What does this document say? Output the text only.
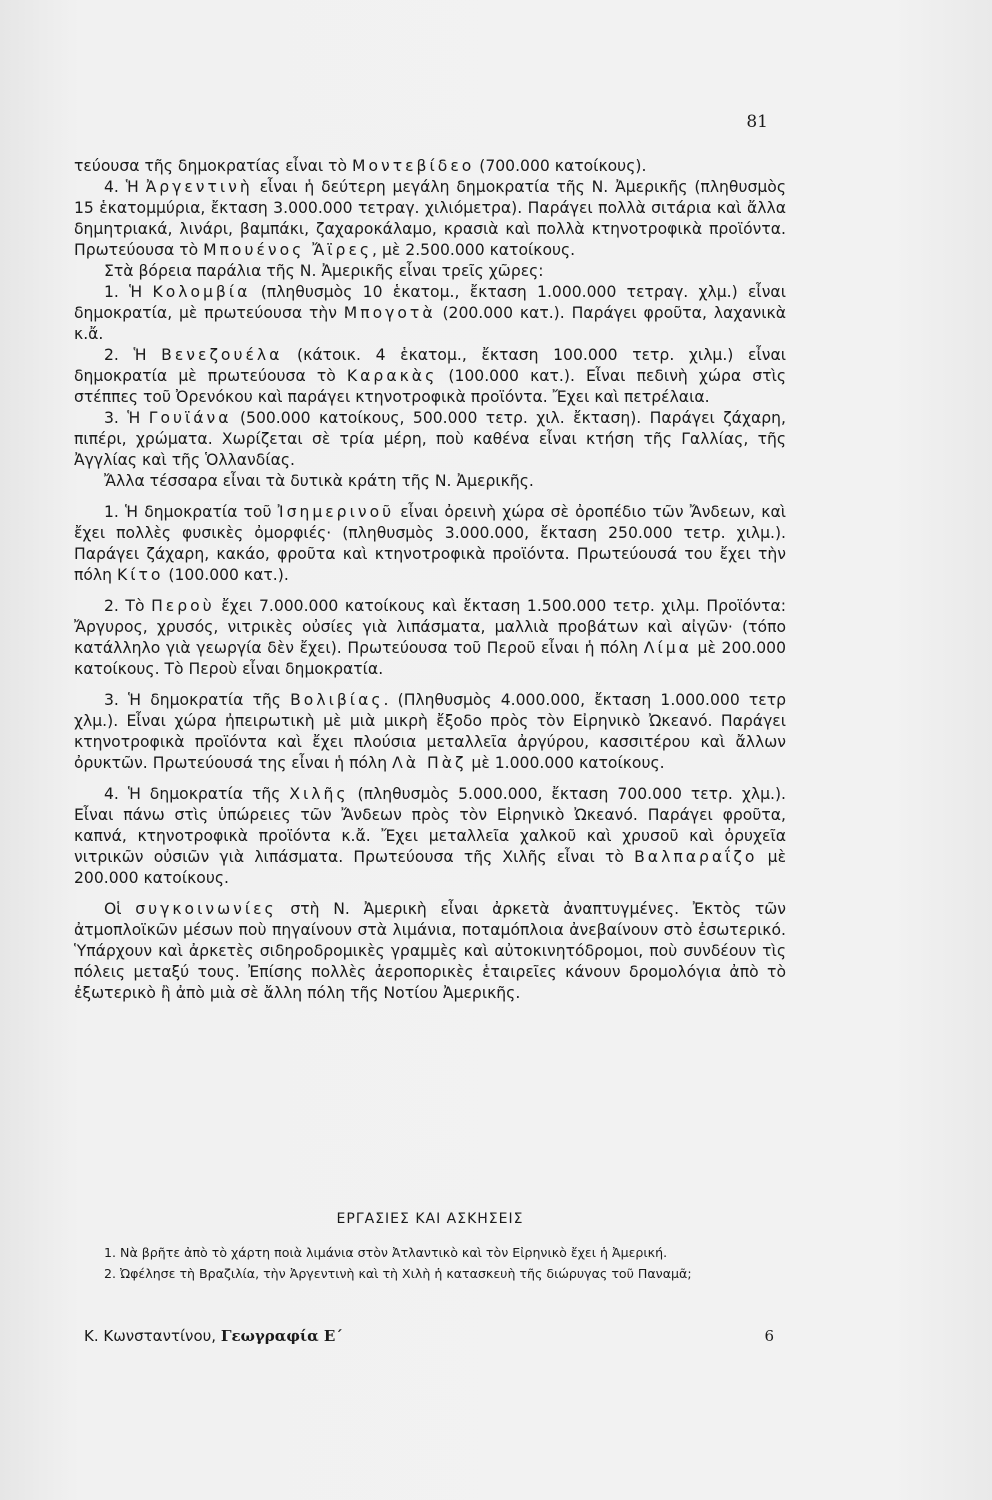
81

τεύουσα τῆς δημοκρατίας εἶναι τὸ Μοντεβίδεο (700.000 κατοίκους).

4. Ἡ Ἀργεντινὴ εἶναι ἡ δεύτερη μεγάλη δημοκρατία τῆς Ν. Ἀμερικῆς (πληθυσμὸς 15 ἑκατομμύρια, ἔκταση 3.000.000 τετραγ. χιλιόμετρα). Παράγει πολλὰ σιτάρια καὶ ἄλλα δημητριακά, λινάρι, βαμπάκι, ζαχαροκάλαμο, κρασιὰ καὶ πολλὰ κτηνοτροφικὰ προϊόντα. Πρωτεύουσα τὸ Μπουένος Ἄϊρες, μὲ 2.500.000 κατοίκους.

Στὰ βόρεια παράλια τῆς Ν. Ἀμερικῆς εἶναι τρεῖς χῶρες:

1. Ἡ Κολομβία (πληθυσμὸς 10 ἑκατομ., ἔκταση 1.000.000 τετραγ. χλμ.) εἶναι δημοκρατία, μὲ πρωτεύουσα τὴν Μπογοτὰ (200.000 κατ.). Παράγει φροῦτα, λαχανικὰ κ.ἄ.

2. Ἡ Βενεζουέλα (κάτοικ. 4 ἑκατομ., ἔκταση 100.000 τετρ. χιλμ.) εἶναι δημοκρατία μὲ πρωτεύουσα τὸ Καρακὰς (100.000 κατ.). Εἶναι πεδινὴ χώρα στὶς στέππες τοῦ Ὀρενόκου καὶ παράγει κτηνοτροφικὰ προϊόντα. Ἔχει καὶ πετρέλαια.

3. Ἡ Γουϊάνα (500.000 κατοίκους, 500.000 τετρ. χιλ. ἔκταση). Παράγει ζάχαρη, πιπέρι, χρώματα. Χωρίζεται σὲ τρία μέρη, ποὺ καθένα εἶναι κτήση τῆς Γαλλίας, τῆς Ἀγγλίας καὶ τῆς Ὁλλανδίας.

Ἄλλα τέσσαρα εἶναι τὰ δυτικὰ κράτη τῆς Ν. Ἀμερικῆς.

1. Ἡ δημοκρατία τοῦ Ἰσημερινοῦ εἶναι ὀρεινὴ χώρα σὲ ὀροπέδιο τῶν Ἄνδεων, καὶ ἔχει πολλὲς φυσικὲς ὀμορφιές· (πληθυσμὸς 3.000.000, ἔκταση 250.000 τετρ. χιλμ.). Παράγει ζάχαρη, κακάο, φροῦτα καὶ κτηνοτροφικὰ προϊόντα. Πρωτεύουσά του ἔχει τὴν πόλη Κίτο (100.000 κατ.).

2. Τὸ Περοὺ ἔχει 7.000.000 κατοίκους καὶ ἔκταση 1.500.000 τετρ. χιλμ. Προϊόντα: Ἄργυρος, χρυσός, νιτρικὲς οὐσίες γιὰ λιπάσματα, μαλλιὰ προβάτων καὶ αἰγῶν· (τόπο κατάλληλο γιὰ γεωργία δὲν ἔχει). Πρωτεύουσα τοῦ Περοῦ εἶναι ἡ πόλη Λίμα μὲ 200.000 κατοίκους. Τὸ Περοὺ εἶναι δημοκρατία.

3. Ἡ δημοκρατία τῆς Βολιβίας. (Πληθυσμὸς 4.000.000, ἔκταση 1.000.000 τετρ χλμ.). Εἶναι χώρα ἠπειρωτικὴ μὲ μιὰ μικρὴ ἔξοδο πρὸς τὸν Εἰρηνικὸ Ὠκεανό. Παράγει κτηνοτροφικὰ προϊόντα καὶ ἔχει πλούσια μεταλλεῖα ἀργύρου, κασσιτέρου καὶ ἄλλων ὀρυκτῶν. Πρωτεύουσά της εἶναι ἡ πόλη Λὰ Πὰζ μὲ 1.000.000 κατοίκους.

4. Ἡ δημοκρατία τῆς Χιλῆς (πληθυσμὸς 5.000.000, ἔκταση 700.000 τετρ. χλμ.). Εἶναι πάνω στὶς ὑπώρειες τῶν Ἄνδεων πρὸς τὸν Εἰρηνικὸ Ὠκεανό. Παράγει φροῦτα, καπνά, κτηνοτροφικὰ προϊόντα κ.ἄ. Ἔχει μεταλλεῖα χαλκοῦ καὶ χρυσοῦ καὶ ὀρυχεῖα νιτρικῶν οὐσιῶν γιὰ λιπάσματα. Πρωτεύουσα τῆς Χιλῆς εἶναι τὸ Βαλπαραΐζο μὲ 200.000 κατοίκους.

Οἱ συγκοινωνίες στὴ Ν. Ἀμερικὴ εἶναι ἀρκετὰ ἀναπτυγμένες. Ἐκτὸς τῶν ἀτμοπλοϊκῶν μέσων ποὺ πηγαίνουν στὰ λιμάνια, ποταμόπλοια ἀνεβαίνουν στὸ ἐσωτερικό. Ὑπάρχουν καὶ ἀρκετὲς σιδηροδρομικὲς γραμμὲς καὶ αὐτοκινητόδρομοι, ποὺ συνδέουν τὶς πόλεις μεταξύ τους. Ἐπίσης πολλὲς ἀεροπορικὲς ἑταιρεῖες κάνουν δρομολόγια ἀπὸ τὸ ἐξωτερικὸ ἢ ἀπὸ μιὰ σὲ ἄλλη πόλη τῆς Νοτίου Ἀμερικῆς.

ΕΡΓΑΣΙΕΣ ΚΑΙ ΑΣΚΗΣΕΙΣ

1. Νὰ βρῆτε ἀπὸ τὸ χάρτη ποιὰ λιμάνια στὸν Ἀτλαντικὸ καὶ τὸν Εἰρηνικὸ ἔχει ἡ Ἀμερική.

2. Ὠφέλησε τὴ Βραζιλία, τὴν Ἀργεντινὴ καὶ τὴ Χιλὴ ἡ κατασκευὴ τῆς διώρυγας τοῦ Παναμᾶ;

Κ. Κωνσταντίνου, Γεωγραφία Ε΄	6
